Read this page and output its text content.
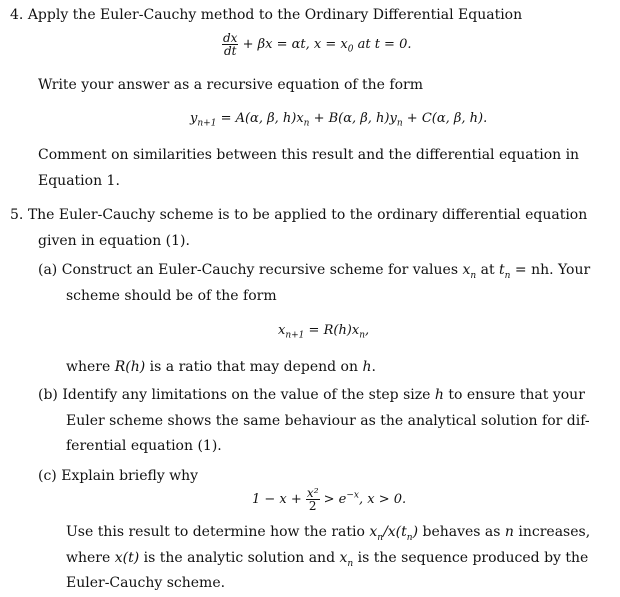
4. Apply the Euler-Cauchy method to the Ordinary Differential Equation
$\frac{dx}{dt} + \beta x = \alpha t$, $x = x_0$ at t = 0.
Write your answer as a recursive equation of the form
$y_{n+1} = A(\alpha$, β, $h)x_n + B(\alpha$, β, $h)y_n + C(\alpha$, β, h).
Comment on similarities between this result and the differential equation in
Equation 1.
5. The Euler-Cauchy scheme is to be applied to the ordinary differential equation
given in equation (1).
(a) Construct an Euler-Cauchy recursive scheme for values $x_n$ at $t_n$ = nh. Your
scheme should be of the form
$x_{n+1} = R(h)x_n$,
where R(h) is a ratio that may depend on h.
(b) Identify any limitations on the value of the step size h to ensure that your
Euler scheme shows the same behaviour as the analytical solution for dif-
ferential equation (1).
(c) Explain briefly why
$1 - x + \frac{\text{x²}}{2} > e^{-x}$, x > 0.
Use this result to determine how the ratio $x_n/x(t_n)$ behaves as n increases,
where x(t) is the analytic solution and $x_n$ is the sequence produced by the
Euler-Cauchy scheme.
